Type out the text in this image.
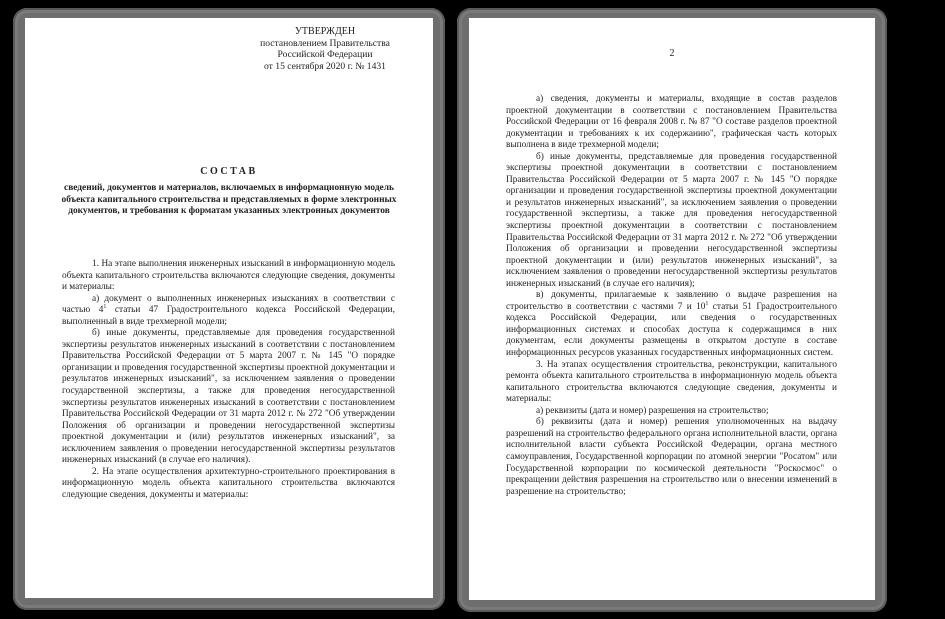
УТВЕРЖДЕН
постановлением Правительства
Российской Федерации
от 15 сентября 2020 г. № 1431
СОСТАВ
сведений, документов и материалов, включаемых в информационную модель объекта капитального строительства и представляемых в форме электронных документов, и требования к форматам указанных электронных документов

1. На этапе выполнения инженерных изысканий в информационную модель объекта капитального строительства включаются следующие сведения, документы и материалы:

а) документ о выполненных инженерных изысканиях в соответствии с частью $4^1$ статьи 47 Градостроительного кодекса Российской Федерации, выполненный в виде трехмерной модели;

б) иные документы, представляемые для проведения государственной экспертизы результатов инженерных изысканий в соответствии с постановлением Правительства Российской Федерации от 5 марта 2007 г. № 145 "О порядке организации и проведения государственной экспертизы проектной документации и результатов инженерных изысканий", за исключением заявления о проведении государственной экспертизы, а также для проведения негосударственной экспертизы результатов инженерных изысканий в соответствии с постановлением Правительства Российской Федерации от 31 марта 2012 г. № 272 "Об утверждении Положения об организации и проведении негосударственной экспертизы проектной документации и (или) результатов инженерных изысканий", за исключением заявления о проведении негосударственной экспертизы результатов инженерных изысканий (в случае его наличия).

2. На этапе осуществления архитектурно-строительного проектирования в информационную модель объекта капитального строительства включаются следующие сведения, документы и материалы:

2

а) сведения, документы и материалы, входящие в состав разделов проектной документации в соответствии с постановлением Правительства Российской Федерации от 16 февраля 2008 г. № 87 "О составе разделов проектной документации и требованиях к их содержанию", графическая часть которых выполнена в виде трехмерной модели;

б) иные документы, представляемые для проведения государственной экспертизы проектной документации в соответствии с постановлением Правительства Российской Федерации от 5 марта 2007 г. № 145 "О порядке организации и проведения государственной экспертизы проектной документации и результатов инженерных изысканий", за исключением заявления о проведении государственной экспертизы, а также для проведения негосударственной экспертизы проектной документации в соответствии с постановлением Правительства Российской Федерации от 31 марта 2012 г. № 272 "Об утверждении Положения об организации и проведении негосударственной экспертизы проектной документации и (или) результатов инженерных изысканий", за исключением заявления о проведении негосударственной экспертизы результатов инженерных изысканий (в случае его наличия);

в) документы, прилагаемые к заявлению о выдаче разрешения на строительство в соответствии с частями 7 и $10^1$ статьи 51 Градостроительного кодекса Российской Федерации, или сведения о государственных информационных системах и способах доступа к содержащимся в них документам, если документы размещены в открытом доступе в составе информационных ресурсов указанных государственных информационных систем.

3. На этапах осуществления строительства, реконструкции, капитального ремонта объекта капитального строительства в информационную модель объекта капитального строительства включаются следующие сведения, документы и материалы:

а) реквизиты (дата и номер) разрешения на строительство;

б) реквизиты (дата и номер) решения уполномоченных на выдачу разрешений на строительство федерального органа исполнительной власти, органа исполнительной власти субъекта Российской Федерации, органа местного самоуправления, Государственной корпорации по атомной энергии "Росатом" или Государственной корпорации по космической деятельности "Роскосмос" о прекращении действия разрешения на строительство или о внесении изменений в разрешение на строительство;
